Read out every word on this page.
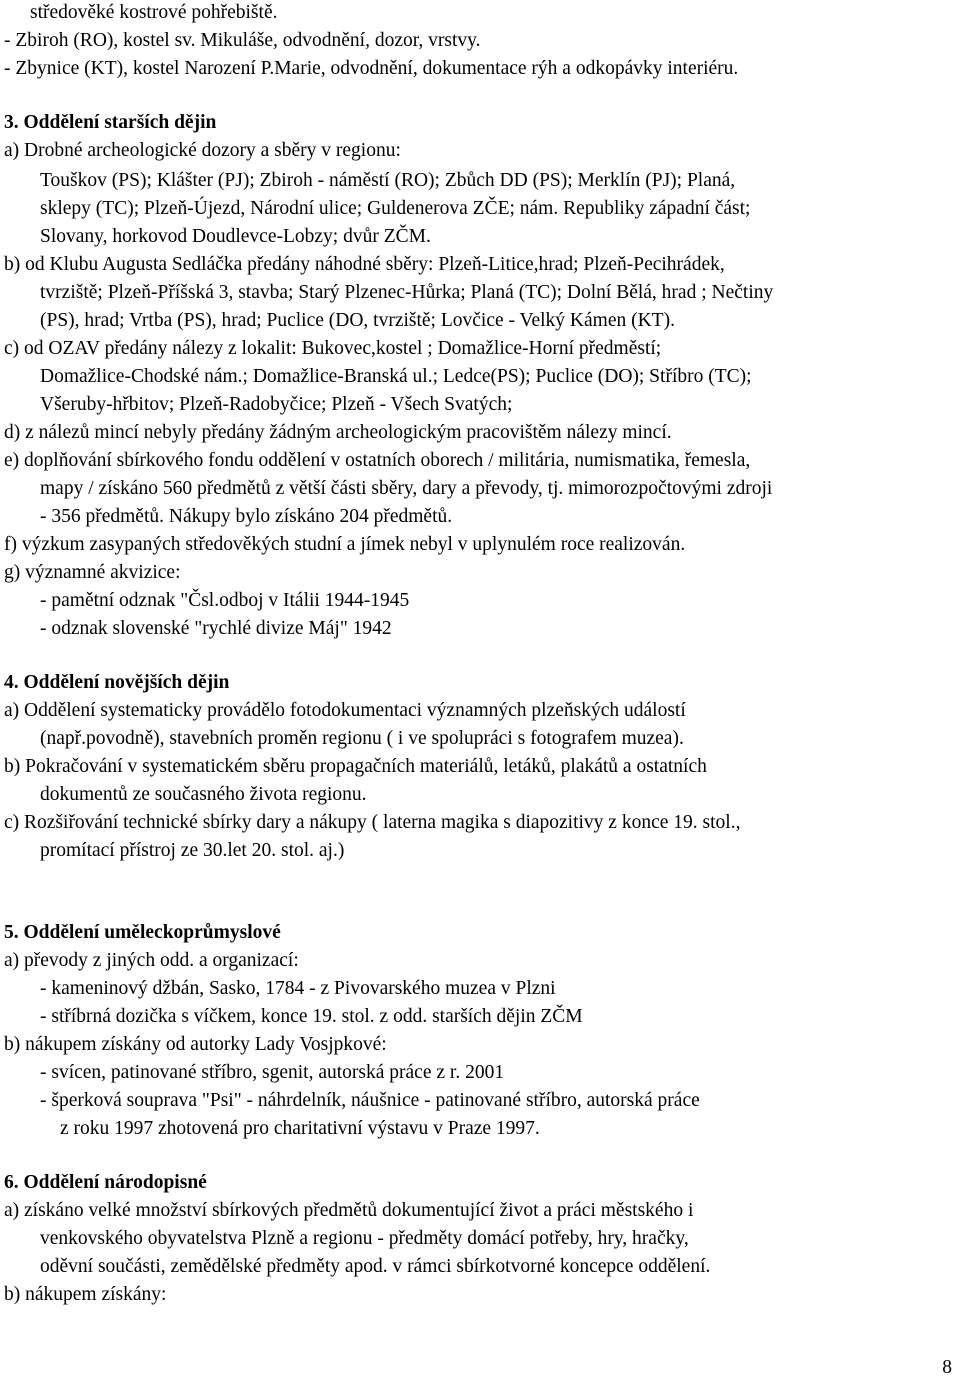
středověké kostrové pohřebiště.
- Zbiroh (RO), kostel sv. Mikuláše, odvodnění, dozor, vrstvy.
- Zbynice (KT), kostel Narození P.Marie, odvodnění, dokumentace rýh a odkopávky interiéru.
3. Oddělení starších dějin
a) Drobné archeologické dozory a sběry v regionu:
Touškov (PS); Klášter (PJ); Zbiroh - náměstí (RO); Zbůch DD (PS); Merklín (PJ); Planá,
sklepy (TC); Plzeň-Újezd, Národní ulice; Guldenerova ZČE; nám. Republiky západní část;
Slovany, horkovod Doudlevce-Lobzy; dvůr ZČM.
b) od Klubu Augusta Sedláčka předány náhodné sběry: Plzeň-Litice,hrad; Plzeň-Pecihrádek,
tvrziště; Plzeň-Příšská 3, stavba; Starý Plzenec-Hůrka; Planá (TC); Dolní Bělá, hrad ; Nečtiny
(PS), hrad; Vrtba (PS), hrad; Puclice (DO, tvrziště; Lovčice - Velký Kámen (KT).
c) od OZAV předány nálezy z lokalit: Bukovec,kostel ; Domažlice-Horní předměstí;
Domažlice-Chodské nám.; Domažlice-Branská ul.; Ledce(PS); Puclice (DO); Stříbro (TC);
Všeruby-hřbitov; Plzeň-Radobyčice; Plzeň - Všech Svatých;
d) z nálezů mincí nebyly předány žádným archeologickým pracovištěm nálezy mincí.
e) doplňování sbírkového fondu oddělení v ostatních oborech / militária, numismatika, řemesla,
mapy / získáno 560 předmětů z větší části sběry, dary a převody, tj. mimorozpočtovými zdroji
- 356 předmětů. Nákupy bylo získáno 204 předmětů.
f) výzkum zasypaných středověkých studní a jímek nebyl v uplynulém roce realizován.
g) významné akvizice:
- pamětní odznak "Čsl.odboj v Itálii 1944-1945
- odznak slovenské "rychlé divize Máj" 1942
4. Oddělení novějších dějin
a) Oddělení systematicky provádělo fotodokumentaci významných plzeňských událostí
(např.povodně), stavebních proměn regionu ( i ve spolupráci s fotografem muzea).
b) Pokračování v systematickém sběru propagačních materiálů, letáků, plakátů a ostatních
dokumentů ze současného života regionu.
c) Rozšiřování technické sbírky dary a nákupy ( laterna magika s diapozitivy z konce 19. stol.,
promítací přístroj ze 30.let 20. stol. aj.)
5. Oddělení uměleckoprůmyslové
a) převody z jiných odd. a organizací:
- kameninový džbán, Sasko, 1784 - z Pivovarského muzea v Plzni
- stříbrná dozička s víčkem, konce 19. stol. z odd. starších dějin ZČM
b) nákupem získány od autorky Lady Vosjpkové:
- svícen, patinované stříbro, sgenit, autorská práce z r. 2001
- šperková souprava "Psi" - náhrdelník, náušnice - patinované stříbro, autorská práce
z roku 1997 zhotovená pro charitativní výstavu v Praze 1997.
6. Oddělení národopisné
a) získáno velké množství sbírkových předmětů dokumentující život a práci městského i
venkovského obyvatelstva Plzně a regionu - předměty domácí potřeby, hry, hračky,
oděvní součásti, zemědělské předměty apod. v rámci sbírkotvorné koncepce oddělení.
b) nákupem získány:
8
